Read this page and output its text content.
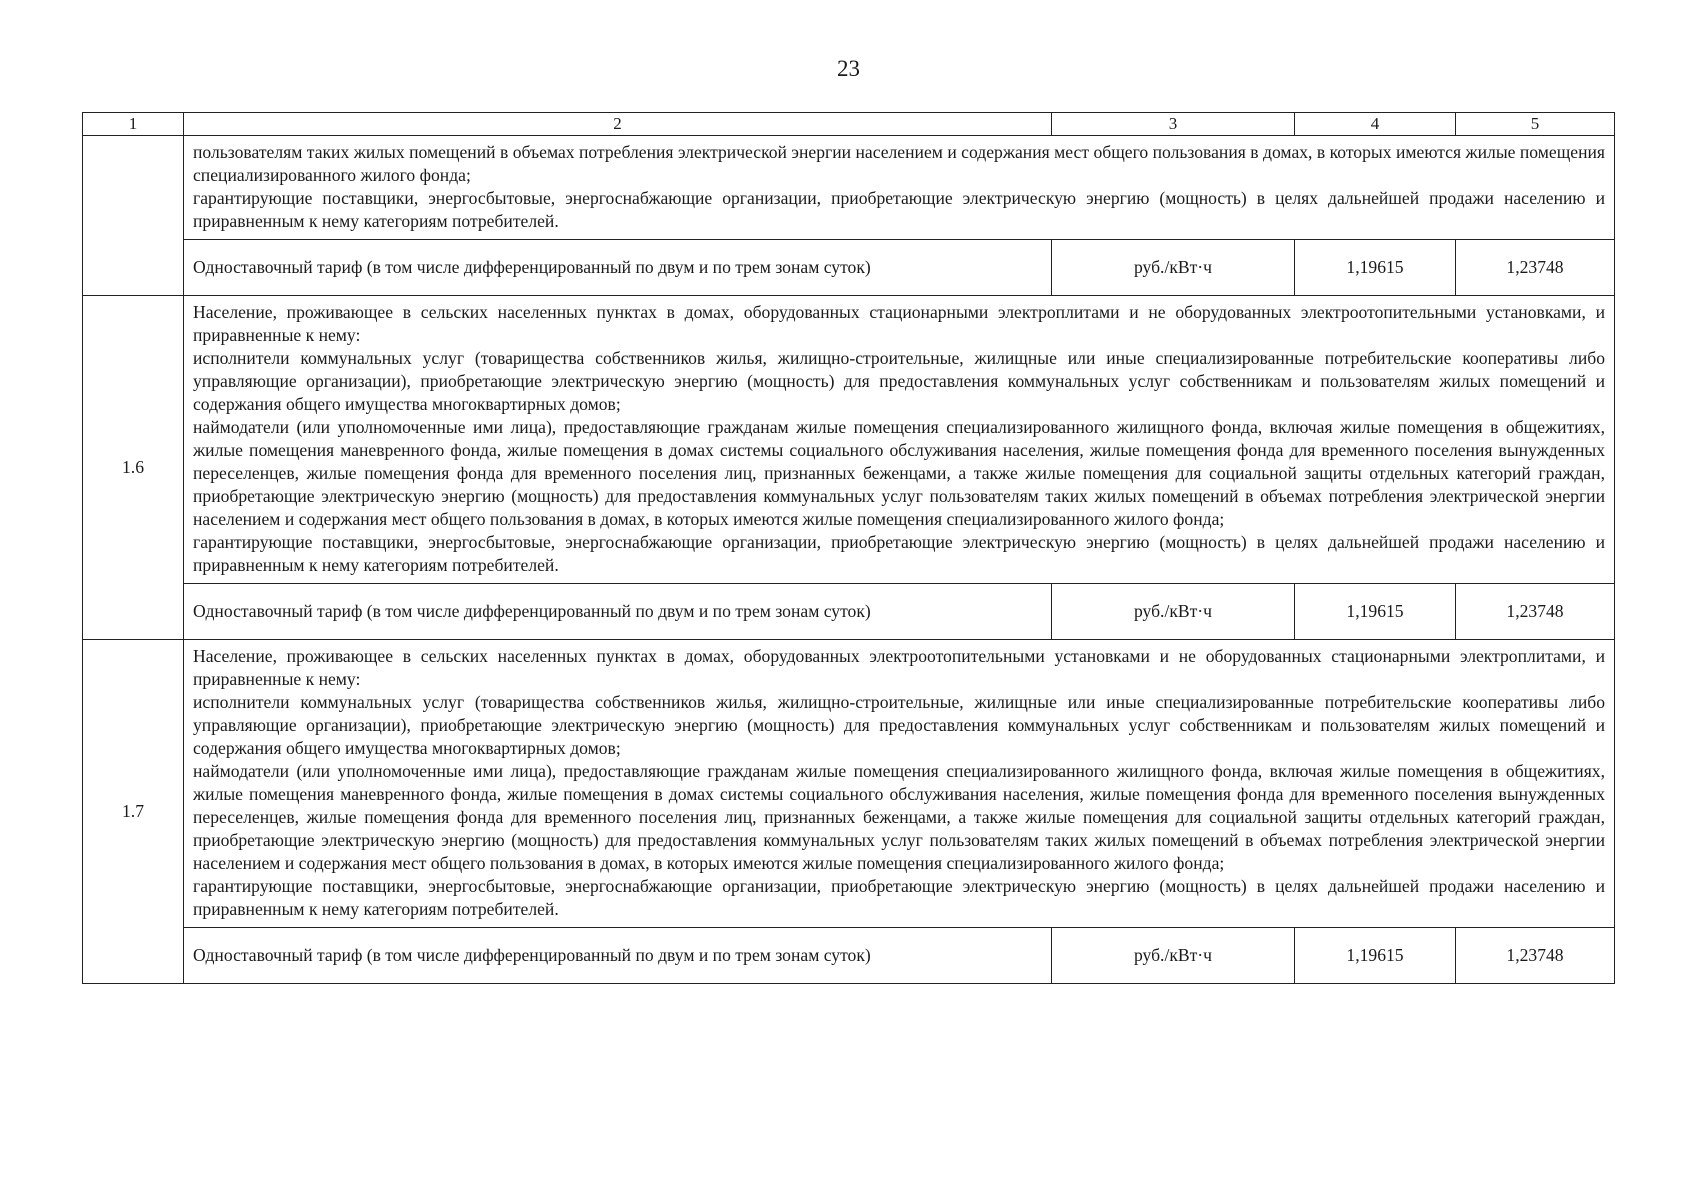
23
1	2	3	4	5

	пользователям таких жилых помещений в объемах потребления электрической энергии населением и содержания мест общего пользования в домах, в которых имеются жилые помещения специализированного жилого фонда;

гарантирующие поставщики, энергосбытовые, энергоснабжающие организации, приобретающие электрическую энергию (мощность) в целях дальнейшей продажи населению и приравненным к нему категориям потребителей.			

	Одноставочный тариф (в том числе дифференцированный по двум и по трем зонам суток)	руб./кВт·ч	1,19615	1,23748
1.6	Население, проживающее в сельских населенных пунктах в домах, оборудованных стационарными электроплитами и не оборудованных электроотопительными установками, и приравненные к нему:

исполнители коммунальных услуг (товарищества собственников жилья, жилищно-строительные, жилищные или иные специализированные потребительские кооперативы либо управляющие организации), приобретающие электрическую энергию (мощность) для предоставления коммунальных услуг собственникам и пользователям жилых помещений и содержания общего имущества многоквартирных домов;

наймодатели (или уполномоченные ими лица), предоставляющие гражданам жилые помещения специализированного жилищного фонда, включая жилые помещения в общежитиях, жилые помещения маневренного фонда, жилые помещения в домах системы социального обслуживания населения, жилые помещения фонда для временного поселения вынужденных переселенцев, жилые помещения фонда для временного поселения лиц, признанных беженцами, а также жилые помещения для социальной защиты отдельных категорий граждан, приобретающие электрическую энергию (мощность) для предоставления коммунальных услуг пользователям таких жилых помещений в объемах потребления электрической энергии населением и содержания мест общего пользования в домах, в которых имеются жилые помещения специализированного жилого фонда;

гарантирующие поставщики, энергосбытовые, энергоснабжающие организации, приобретающие электрическую энергию (мощность) в целях дальнейшей продажи населению и приравненным к нему категориям потребителей.			

	Одноставочный тариф (в том числе дифференцированный по двум и по трем зонам суток)	руб./кВт·ч	1,19615	1,23748
1.7	Население, проживающее в сельских населенных пунктах в домах, оборудованных электроотопительными установками и не оборудованных стационарными электроплитами, и приравненные к нему:

исполнители коммунальных услуг (товарищества собственников жилья, жилищно-строительные, жилищные или иные специализированные потребительские кооперативы либо управляющие организации), приобретающие электрическую энергию (мощность) для предоставления коммунальных услуг собственникам и пользователям жилых помещений и содержания общего имущества многоквартирных домов;

наймодатели (или уполномоченные ими лица), предоставляющие гражданам жилые помещения специализированного жилищного фонда, включая жилые помещения в общежитиях, жилые помещения маневренного фонда, жилые помещения в домах системы социального обслуживания населения, жилые помещения фонда для временного поселения вынужденных переселенцев, жилые помещения фонда для временного поселения лиц, признанных беженцами, а также жилые помещения для социальной защиты отдельных категорий граждан, приобретающие электрическую энергию (мощность) для предоставления коммунальных услуг пользователям таких жилых помещений в объемах потребления электрической энергии населением и содержания мест общего пользования в домах, в которых имеются жилые помещения специализированного жилого фонда;

гарантирующие поставщики, энергосбытовые, энергоснабжающие организации, приобретающие электрическую энергию (мощность) в целях дальнейшей продажи населению и приравненным к нему категориям потребителей.			

	Одноставочный тариф (в том числе дифференцированный по двум и по трем зонам суток)	руб./кВт·ч	1,19615	1,23748
